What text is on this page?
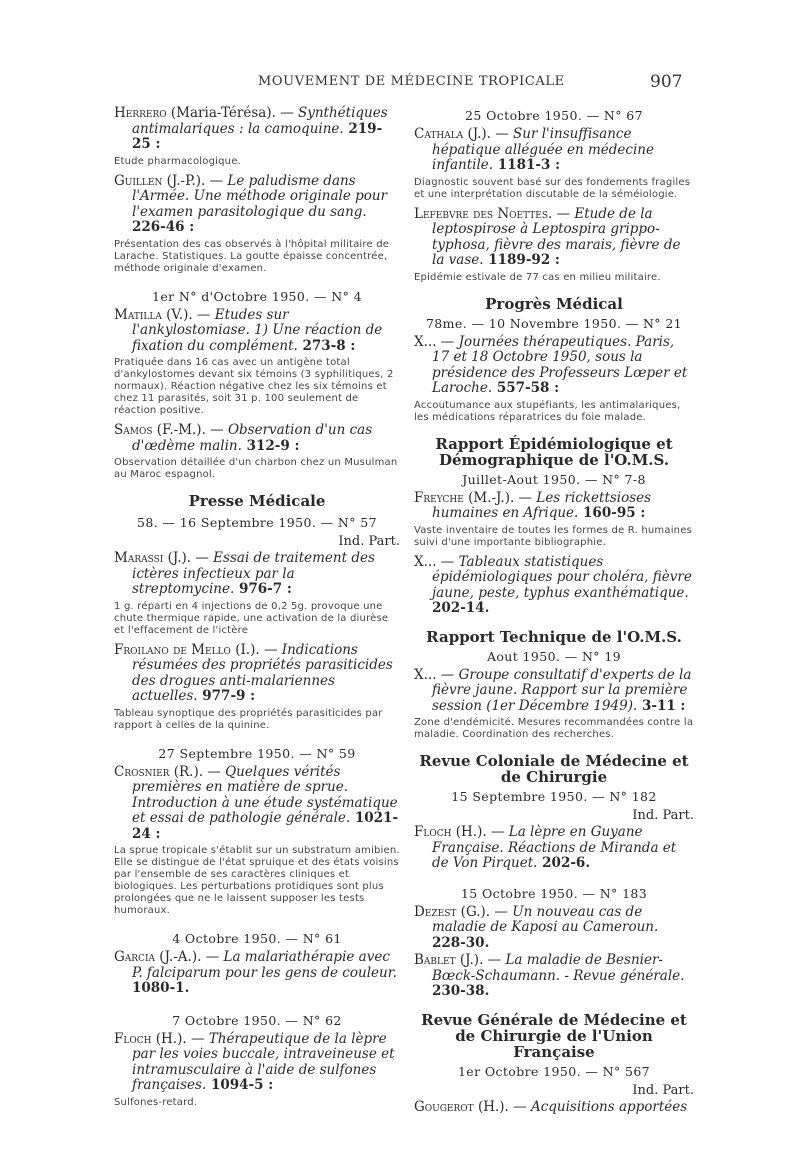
MOUVEMENT DE MÉDECINE TROPICALE	907

Herrero (Maria-Térésa). — Synthétiques antimalariques : la camoquine. 219-25 :

Etude pharmacologique.

Guillen (J.-P.). — Le paludisme dans l'Armée. Une méthode originale pour l'examen parasitologique du sang. 226-46 :

Présentation des cas observés à l'hôpital militaire de Larache. Statistiques. La goutte épaisse concentrée, méthode originale d'examen.

1er N° d'Octobre 1950. — N° 4

Matilla (V.). — Etudes sur l'ankylostomiase. 1) Une réaction de fixation du complément. 273-8 :

Pratiquée dans 16 cas avec un antigène total d'ankylostomes devant six témoins (3 syphilitiques, 2 normaux). Réaction négative chez les six témoins et chez 11 parasités, soit 31 p. 100 seulement de réaction positive.

Samos (F.-M.). — Observation d'un cas d'œdème malin. 312-9 :

Observation détaillée d'un charbon chez un Musulman au Maroc espagnol.

Presse Médicale

58. — 16 Septembre 1950. — N° 57

Ind. Part.

Marassi (J.). — Essai de traitement des ictères infectieux par la streptomycine. 976-7 :

1 g. réparti en 4 injections de 0,2 5g. provoque une chute thermique rapide, une activation de la diurèse et l'effacement de l'ictère

Froilano de Mello (I.). — Indications résumées des propriétés parasiticides des drogues anti-malariennes actuelles. 977-9 :

Tableau synoptique des propriétés parasiticides par rapport à celles de la quinine.

27 Septembre 1950. — N° 59

Crosnier (R.). — Quelques vérités premières en matière de sprue. Introduction à une étude systématique et essai de pathologie générale. 1021-24 :

La sprue tropicale s'établit sur un substratum amibien. Elle se distingue de l'état spruique et des états voisins par l'ensemble de ses caractères cliniques et biologiques. Les perturbations protidiques sont plus prolongées que ne le laissent supposer les tests humoraux.

4 Octobre 1950. — N° 61

Garcia (J.-A.). — La malariathérapie avec P. falciparum pour les gens de couleur. 1080-1.

7 Octobre 1950. — N° 62

Floch (H.). — Thérapeutique de la lèpre par les voies buccale, intraveineuse et intramusculaire à l'aide de sulfones françaises. 1094-5 :

Sulfones-retard.

25 Octobre 1950. — N° 67

Cathala (J.). — Sur l'insuffisance hépatique alléguée en médecine infantile. 1181-3 :

Diagnostic souvent basé sur des fondements fragiles et une interprétation discutable de la séméiologie.

Lefebvre des Noettes. — Etude de la leptospirose à Leptospira grippo-typhosa, fièvre des marais, fièvre de la vase. 1189-92 :

Epidémie estivale de 77 cas en milieu militaire.

Progrès Médical

78me. — 10 Novembre 1950. — N° 21

X... — Journées thérapeutiques. Paris, 17 et 18 Octobre 1950, sous la présidence des Professeurs Lœper et Laroche. 557-58 :

Accoutumance aux stupéfiants, les antimalariques, les médications réparatrices du foie malade.

Rapport Épidémiologique et Démographique de l'O.M.S.

Juillet-Aout 1950. — N° 7-8

Freyche (M.-J.). — Les rickettsioses humaines en Afrique. 160-95 :

Vaste inventaire de toutes les formes de R. humaines suivi d'une importante bibliographie.

X... — Tableaux statistiques épidémiologiques pour choléra, fièvre jaune, peste, typhus exanthématique. 202-14.

Rapport Technique de l'O.M.S.

Aout 1950. — N° 19

X... — Groupe consultatif d'experts de la fièvre jaune. Rapport sur la première session (1er Décembre 1949). 3-11 :

Zone d'endémicité. Mesures recommandées contre la maladie. Coordination des recherches.

Revue Coloniale de Médecine et de Chirurgie

15 Septembre 1950. — N° 182

Ind. Part.

Floch (H.). — La lèpre en Guyane Française. Réactions de Miranda et de Von Pirquet. 202-6.

15 Octobre 1950. — N° 183

Dezest (G.). — Un nouveau cas de maladie de Kaposi au Cameroun. 228-30.

Bablet (J.). — La maladie de Besnier-Bœck-Schaumann. - Revue générale. 230-38.

Revue Générale de Médecine et de Chirurgie de l'Union Française

1er Octobre 1950. — N° 567

Ind. Part.

Gougerot (H.). — Acquisitions apportées
